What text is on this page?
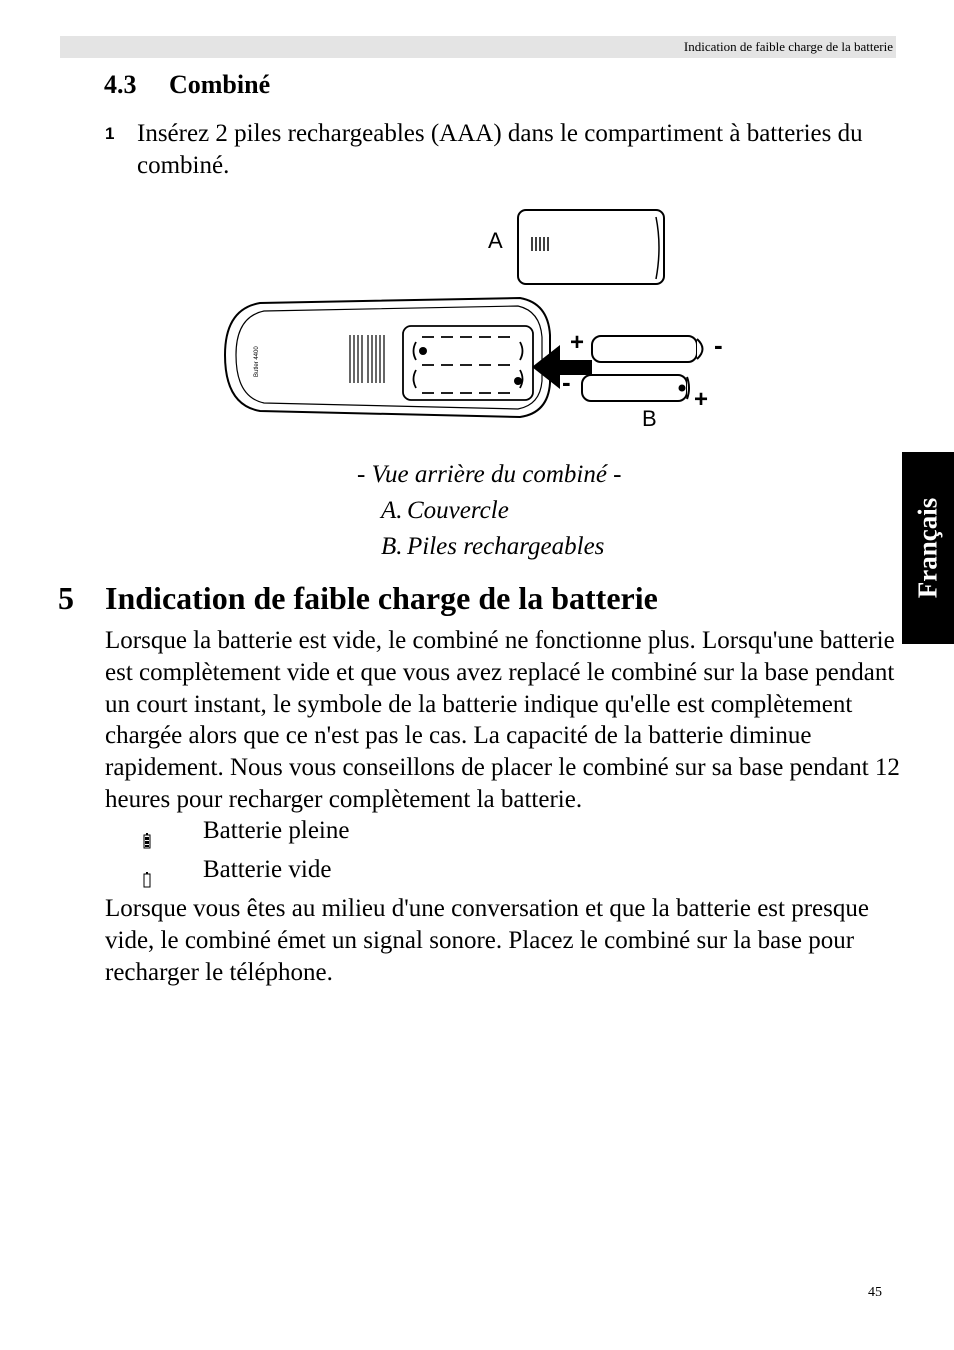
Indication de faible charge de la batterie
4.3 Combiné
1 Insérez 2 piles rechargeables (AAA) dans le compartiment à batteries du combiné.
A
Butler 4400
+	-
-
+
B
- Vue arrière du combiné -
A. Couvercle
B. Piles rechargeables
5 Indication de faible charge de la batterie
Lorsque la batterie est vide, le combiné ne fonctionne plus. Lorsqu'une batterie est complètement vide et que vous avez replacé le combiné sur la base pendant un court instant, le symbole de la batterie indique qu'elle est complètement chargée alors que ce n'est pas le cas. La capacité de la batterie diminue rapidement. Nous vous conseillons de placer le combiné sur sa base pendant 12 heures pour recharger complètement la batterie.
Batterie pleine
Batterie vide
Lorsque vous êtes au milieu d'une conversation et que la batterie est presque vide, le combiné émet un signal sonore. Placez le combiné sur la base pour recharger le téléphone.
Français
45
